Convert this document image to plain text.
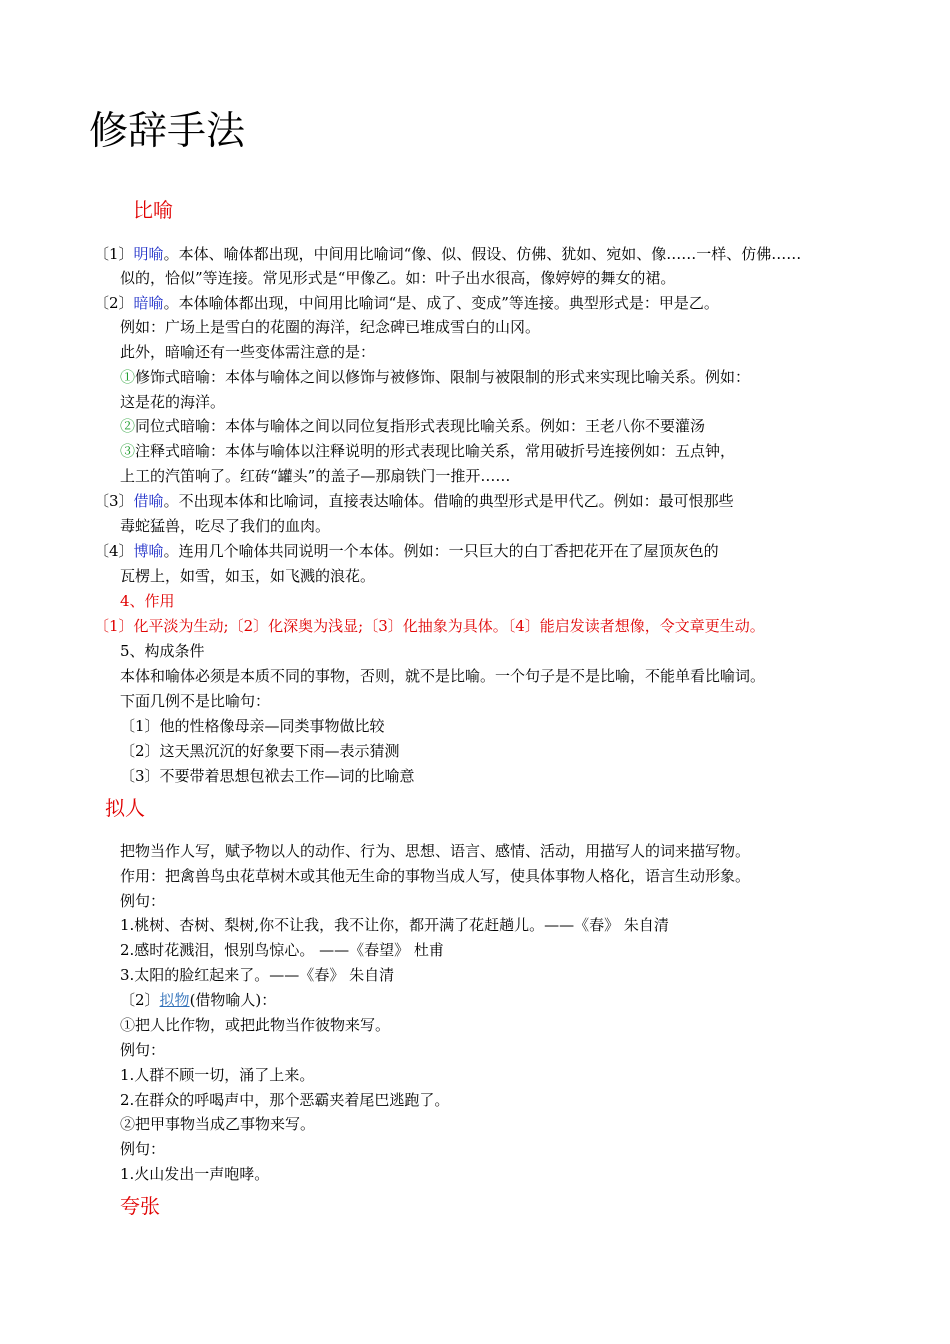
修辞手法
比喻
〔1〕明喻。本体、喻体都出现，中间用比喻词“像、似、假设、仿佛、犹如、宛如、像……一样、仿佛……
似的，恰似”等连接。常见形式是“甲像乙。如：叶子出水很高，像婷婷的舞女的裙。
〔2〕暗喻。本体喻体都出现，中间用比喻词“是、成了、变成”等连接。典型形式是：甲是乙。
例如：广场上是雪白的花圈的海洋，纪念碑已堆成雪白的山冈。
此外，暗喻还有一些变体需注意的是：
①修饰式暗喻：本体与喻体之间以修饰与被修饰、限制与被限制的形式来实现比喻关系。例如：
这是花的海洋。
②同位式暗喻：本体与喻体之间以同位复指形式表现比喻关系。例如：王老八你不要灌汤
③注释式暗喻：本体与喻体以注释说明的形式表现比喻关系，常用破折号连接例如：五点钟，
上工的汽笛响了。红砖“罐头”的盖子—那扇铁门一推开……
〔3〕借喻。不出现本体和比喻词，直接表达喻体。借喻的典型形式是甲代乙。例如：最可恨那些
毒蛇猛兽，吃尽了我们的血肉。
〔4〕博喻。连用几个喻体共同说明一个本体。例如：一只巨大的白丁香把花开在了屋顶灰色的
瓦楞上，如雪，如玉，如飞溅的浪花。
4、作用
〔1〕化平淡为生动;〔2〕化深奥为浅显;〔3〕化抽象为具体。〔4〕能启发读者想像，令文章更生动。
5、构成条件
本体和喻体必须是本质不同的事物，否则，就不是比喻。一个句子是不是比喻，不能单看比喻词。
下面几例不是比喻句：
〔1〕他的性格像母亲—同类事物做比较
〔2〕这天黑沉沉的好象要下雨—表示猜测
〔3〕不要带着思想包袱去工作—词的比喻意
拟人
把物当作人写，赋予物以人的动作、行为、思想、语言、感情、活动，用描写人的词来描写物。
作用：把禽兽鸟虫花草树木或其他无生命的事物当成人写，使具体事物人格化，语言生动形象。
例句：
1.桃树、杏树、梨树,你不让我，我不让你，都开满了花赶趟儿。——《春》 朱自清
2.感时花溅泪，恨别鸟惊心。 ——《春望》 杜甫
3.太阳的脸红起来了。——《春》 朱自清
〔2〕拟物(借物喻人)：
①把人比作物，或把此物当作彼物来写。
例句：
1.人群不顾一切，涌了上来。
2.在群众的呼喝声中，那个恶霸夹着尾巴逃跑了。
②把甲事物当成乙事物来写。
例句：
1.火山发出一声咆哮。
夸张
